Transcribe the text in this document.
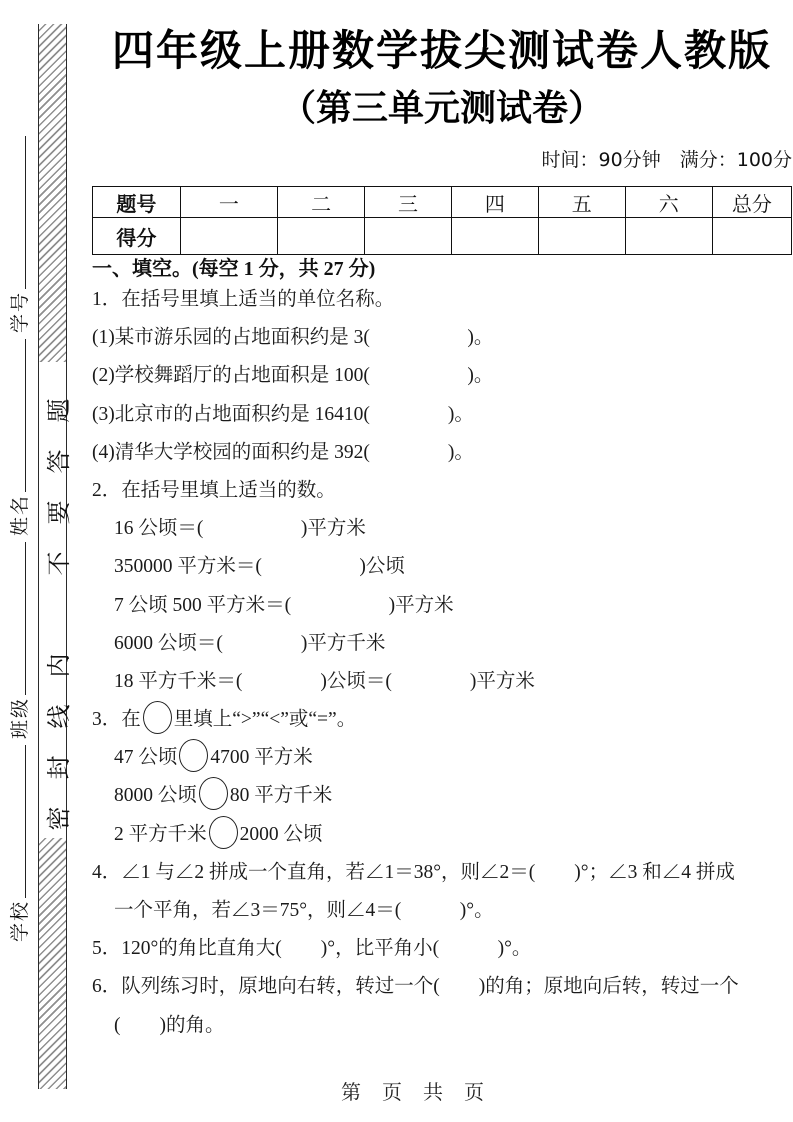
学校
班级
姓名
学号
密封线内　不要答题
四年级上册数学拔尖测试卷人教版
（第三单元测试卷）
时间：90分钟　满分：100分
题号	一	二	三	四	五	六	总分
得分							
一、填空。(每空 1 分，共 27 分)
1．在括号里填上适当的单位名称。
(1)某市游乐园的占地面积约是 3(　　　　　)。
(2)学校舞蹈厅的占地面积是 100(　　　　　)。
(3)北京市的占地面积约是 16410(　　　　)。
(4)清华大学校园的面积约是 392(　　　　)。
2．在括号里填上适当的数。
16 公顷＝(　　　　　)平方米
350000 平方米＝(　　　　　)公顷
7 公顷 500 平方米＝(　　　　　)平方米
6000 公顷＝(　　　　)平方千米
18 平方千米＝(　　　　)公顷＝(　　　　)平方米
3．在 里填上“>”“<”或“=”。
47 公顷 4700 平方米
8000 公顷 80 平方千米
2 平方千米 2000 公顷
4．∠1 与∠2 拼成一个直角，若∠1＝38°，则∠2＝(　　)°；∠3 和∠4 拼成
一个平角，若∠3＝75°，则∠4＝(　　　)°。
5．120°的角比直角大(　　)°，比平角小(　　　)°。
6．队列练习时，原地向右转，转过一个(　　)的角；原地向后转，转过一个
(　　)的角。
第 页 共 页
